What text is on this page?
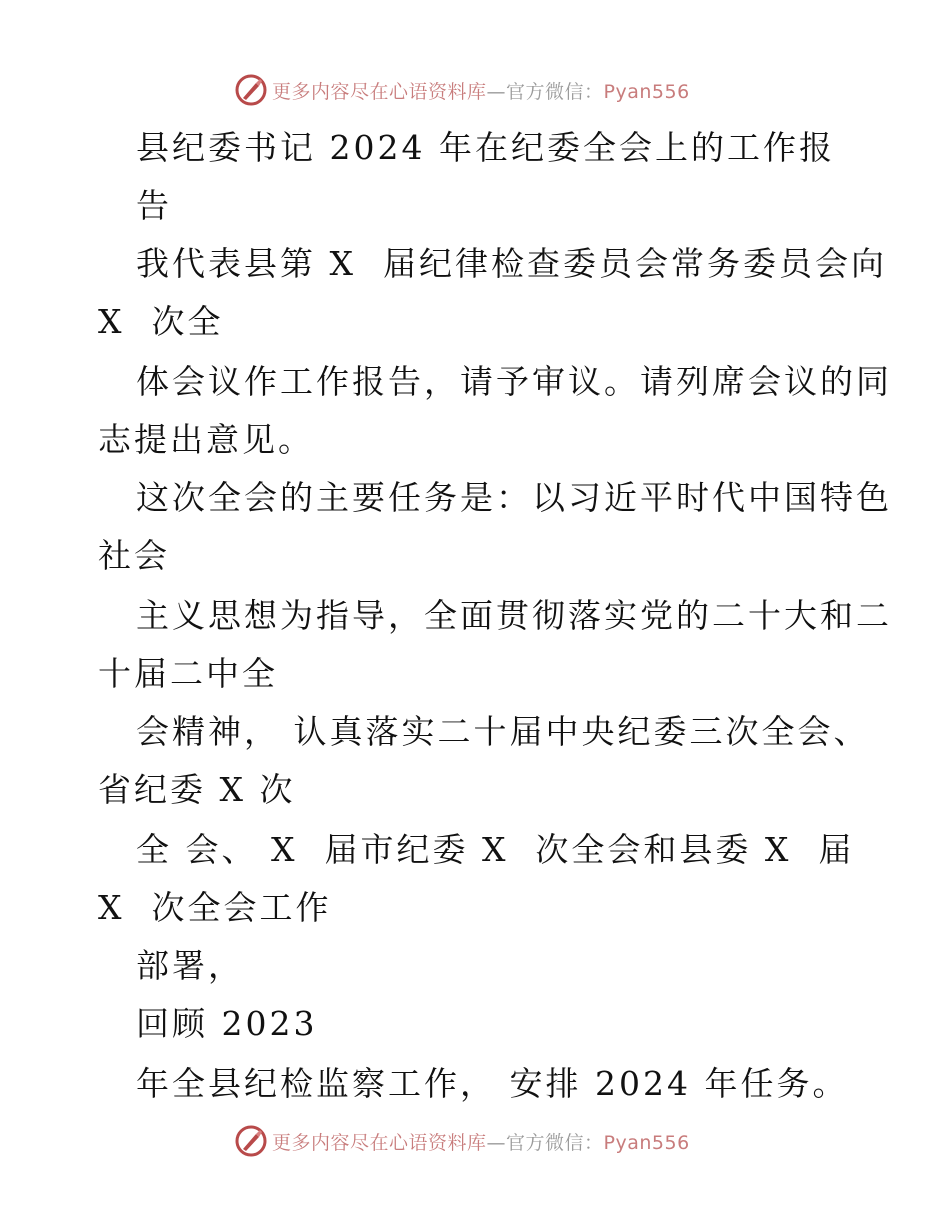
更多内容尽在心语资料库—官方微信：Pyan556
县纪委书记 2024 年在纪委全会上的工作报
告
我代表县第 X  届纪律检查委员会常务委员会向
X  次全
体会议作工作报告，请予审议。请列席会议的同
志提出意见。
这次全会的主要任务是：以习近平时代中国特色
社会
主义思想为指导，全面贯彻落实党的二十大和二
十届二中全
会精神， 认真落实二十届中央纪委三次全会、
省纪委 X 次
全 会、 X  届市纪委 X  次全会和县委 X  届
X  次全会工作
部署，
回顾 2023
年全县纪检监察工作， 安排 2024 年任务。
更多内容尽在心语资料库—官方微信：Pyan556
